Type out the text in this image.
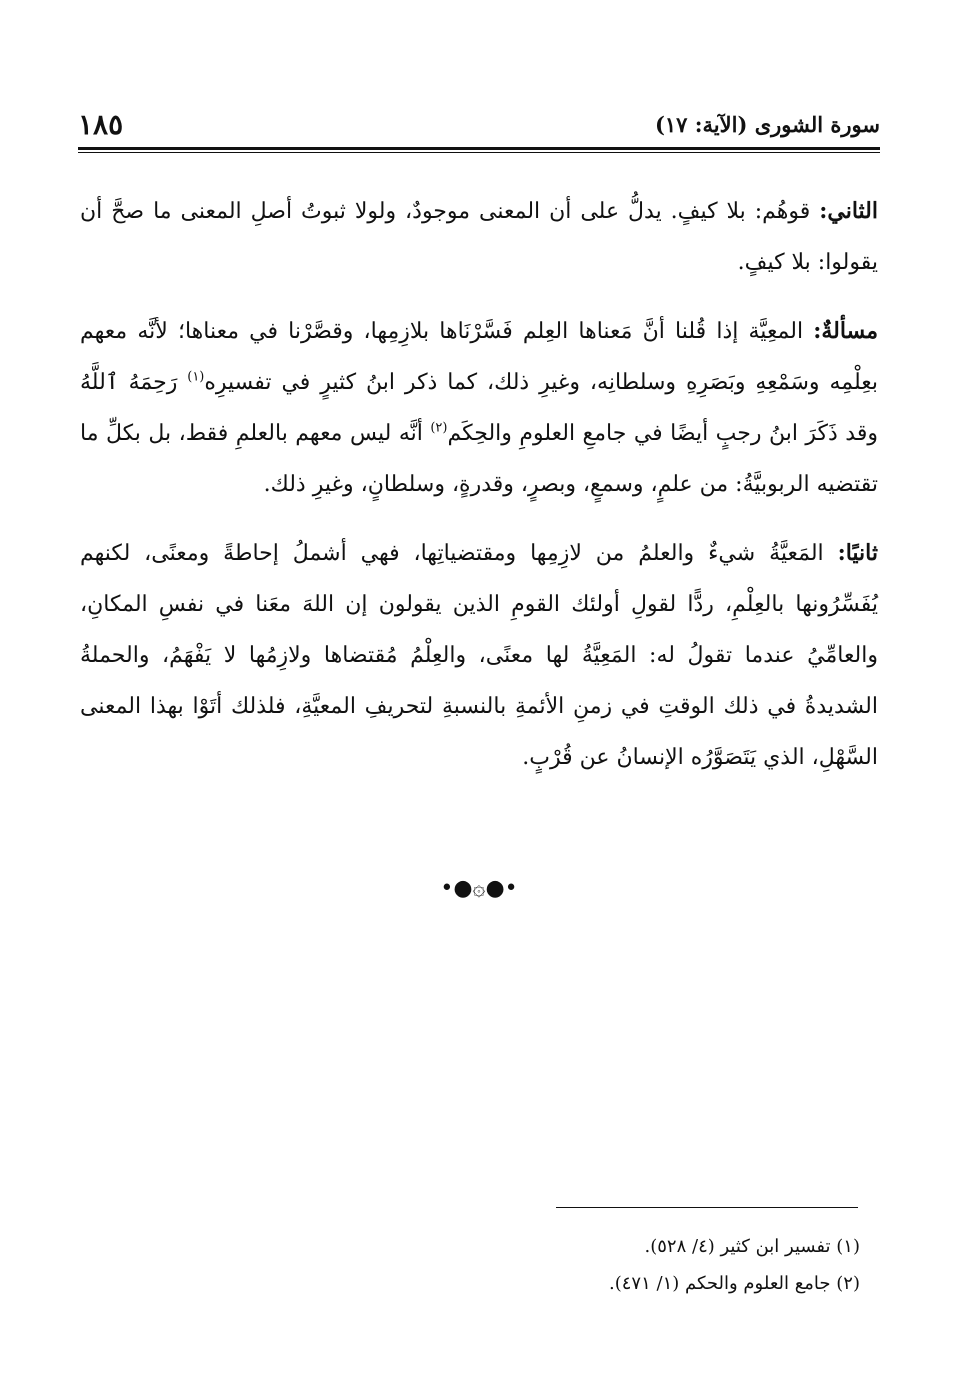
سورة الشورى (الآية: ١٧)
١٨٥

الثاني: قوهُم: بلا كيفٍ. يدلُّ على أن المعنى موجودٌ، ولولا ثبوتُ أصلِ المعنى ما صحَّ أن يقولوا: بلا كيفٍ.

مسألةٌ: المعِيَّة إذا قُلنا أنَّ مَعناها العِلم فَسَّرْنَاها بلازِمِها، وقصَّرْنا في معناها؛ لأنَّه معهم بعِلْمِه وسَمْعِهِ وبَصَرِهِ وسلطانِه، وغيرِ ذلك، كما ذكر ابنُ كثيرٍ في تفسيرِه$^{(١)}$ رَحِمَهُ ٱللَّهُ وقد ذَكَرَ ابنُ رجبٍ أيضًا في جامعِ العلومِ والحِكَم$^{(٢)}$ أنَّه ليس معهم بالعلمِ فقط، بل بكلِّ ما تقتضيه الربوبيَّةُ: من علمٍ، وسمعٍ، وبصرٍ، وقدرةٍ، وسلطانٍ، وغيرِ ذلك.

ثانيًا: المَعيَّةُ شيءٌ والعلمُ من لازِمِها ومقتضياتِها، فهي أشملُ إحاطةً ومعنًى، لكنهم يُفَسِّرُونها بالعِلْمِ، ردًّا لقولِ أولئك القومِ الذين يقولون إن اللهَ معَنا في نفسِ المكانِ، والعامِّيُ عندما تقولُ له: المَعِيَّةُ لها معنًى، والعِلْمُ مُقتضاها ولازِمُها لا يَفْهَمُ، والحملةُ الشديدةُ في ذلك الوقتِ في زمنِ الأئمةِ بالنسبةِ لتحريفِ المعيَّةِ، فلذلك أتَوْا بهذا المعنى السَّهْلِ، الذي يَتَصَوَّرُه الإنسانُ عن قُرْبٍ.

•●۞●•
(١) تفسير ابن كثير (٤/ ٥٢٨).
(٢) جامع العلوم والحكم (١/ ٤٧١).
